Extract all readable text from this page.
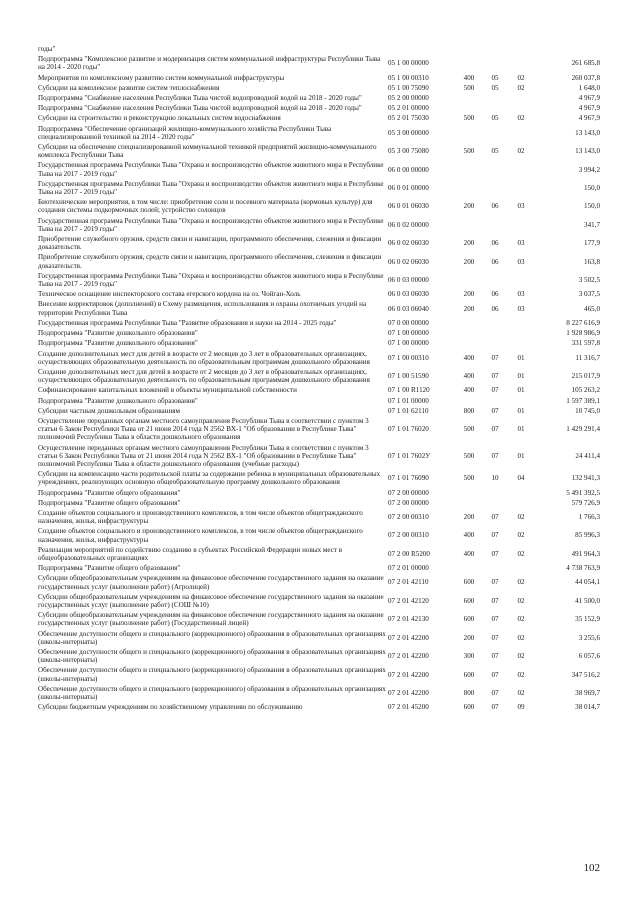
годы"					
Подпрограмма "Комплексное развитие и модернизация систем коммунальной инфраструктуры Республики Тыва на 2014 - 2020 годы"	05 1 00 00000				261 685,8
Мероприятия по комплексному развитию систем коммунальной инфраструктуры	05 1 00 00310	400	05	02	260 037,8
Субсидии на комплексное развитие систем теплоснабжения	05 1 00 75090	500	05	02	1 648,0
Подпрограмма "Снабжение населения Республики Тыва чистой водопроводной водой на 2018 - 2020 годы"	05 2 00 00000				4 967,9
Подпрограмма "Снабжение населения Республики Тыва чистой водопроводной водой на 2018 - 2020 годы"	05 2 01 00000				4 967,9
Субсидии на строительство и реконструкцию локальных систем водоснабжения	05 2 01 75030	500	05	02	4 967,9
Подпрограмма "Обеспечение организаций жилищно-коммунального хозяйства Республики Тыва специализированной техникой на 2014 - 2020 годы"	05 3 00 00000				13 143,0
Субсидии на обеспечение специализированной коммунальной техникой предприятий жилищно-коммунального комплекса Республики Тыва	05 3 00 75080	500	05	02	13 143,0
Государственная программа Республики Тыва "Охрана и воспроизводство объектов животного мира в Республике Тыва на 2017 - 2019 годы"	06 0 00 00000				3 994,2
Государственная программа Республики Тыва "Охрана и воспроизводство объектов животного мира в Республике Тыва на 2017 - 2019 годы"	06 0 01 00000				150,0
Биотехнические мероприятия, в том числе: приобретение соли и посевного материала (кормовых культур) для создания системы подкормочных полей; устройство солонцов	06 0 01 06030	200	06	03	150,0
Государственная программа Республики Тыва "Охрана и воспроизводство объектов животного мира в Республике Тыва на 2017 - 2019 годы"	06 0 02 00000				341,7
Приобретение служебного оружия, средств связи и навигации, программного обеспечения, слежения и фиксации доказательств.	06 0 02 06030	200	06	03	177,9
Приобретение служебного оружия, средств связи и навигации, программного обеспечения, слежения и фиксации доказательств.	06 0 02 06030	200	06	03	163,8
Государственная программа Республики Тыва "Охрана и воспроизводство объектов животного мира в Республике Тыва на 2017 - 2019 годы"	06 0 03 00000				3 502,5
Техническое оснащение инспекторского состава егерского кордона на оз. Чойган-Холь	06 0 03 06030	200	06	03	3 037,5
Внесение корректировок (дополнений) в Схему размещения, использования и охраны охотничьих угодий на территории Республики Тыва	06 0 03 06040	200	06	03	465,0
Государственная программа Республики Тыва "Развитие образования и науки на 2014 - 2025 годы"	07 0 00 00000				8 227 616,9
Подпрограмма "Развитие дошкольного образования"	07 1 00 00000				1 928 986,9
Подпрограмма "Развитие дошкольного образования"	07 1 00 00000				331 597,8
Создание дополнительных мест для детей в возрасте от 2 месяцев до 3 лет в образовательных организациях, осуществляющих образовательную деятельность по образовательным программам дошкольного образования	07 1 00 00310	400	07	01	11 316,7
Создание дополнительных мест для детей в возрасте от 2 месяцев до 3 лет в образовательных организациях, осуществляющих образовательную деятельность по образовательным программам дошкольного образования	07 1 00 51590	400	07	01	215 017,9
Софинансирование капитальных вложений в объекты муниципальной собственности	07 1 00 R1120	400	07	01	105 263,2
Подпрограмма "Развитие дошкольного образования"	07 1 01 00000				1 597 389,1
Субсидии частным дошкольным образованиям	07 1 01 62110	800	07	01	10 745,0
Осуществление переданных органам местного самоуправления Республики Тыва в соответствии с пунктом 3 статьи 6 Закон Республики Тыва от 21 июня 2014 года N 2562 ВХ-1 "Об образовании в Республике Тыва" полномочий Республики Тыва в области дошкольного образования	07 1 01 76020	500	07	01	1 429 291,4
Осуществление переданных органам местного самоуправления Республики Тыва в соответствии с пунктом 3 статьи 6 Закон Республики Тыва от 21 июня 2014 года N 2562 ВХ-1 "Об образовании в Республике Тыва" полномочий Республики Тыва в области дошкольного образования (учебные расходы)	07 1 01 7602У	500	07	01	24 411,4
Субсидии на компенсацию части родительской платы за содержание ребенка в муниципальных образовательных учреждениях, реализующих основную общеобразовательную программу дошкольного образования	07 1 01 76090	500	10	04	132 941,3
Подпрограмма "Развитие общего образования"	07 2 00 00000				5 491 392,5
Подпрограмма "Развитие общего образования"	07 2 00 00000				579 726,9
Создание объектов социального и производственного комплексов, в том числе объектов общегражданского назначения, жилья, инфраструктуры	07 2 00 00310	200	07	02	1 766,3
Создание объектов социального и производственного комплексов, в том числе объектов общегражданского назначения, жилья, инфраструктуры	07 2 00 00310	400	07	02	85 996,3
Реализация мероприятий по содействию созданию в субъектах Российской Федерации новых мест в общеобразовательных организациях	07 2 00 R5200	400	07	02	491 964,3
Подпрограмма "Развитие общего образования"	07 2 01 00000				4 738 763,9
Субсидии общеобразовательным учреждениям на финансовое обеспечение государственного задания на оказание государственных услуг (выполнение работ) (Агролицей)	07 2 01 42110	600	07	02	44 054,1
Субсидии общеобразовательным учреждениям на финансовое обеспечение государственного задания на оказание государственных услуг (выполнение работ) (СОШ №10)	07 2 01 42120	600	07	02	41 500,0
Субсидии общеобразовательным учреждениям на финансовое обеспечение государственного задания на оказание государственных услуг (выполнение работ) (Государственный лицей)	07 2 01 42130	600	07	02	35 152,9
Обеспечение доступности общего и специального (коррекционного) образования в образовательных организациях (школы-интернаты)	07 2 01 42200	200	07	02	3 255,6
Обеспечение доступности общего и специального (коррекционного) образования в образовательных организациях (школы-интернаты)	07 2 01 42200	300	07	02	6 057,6
Обеспечение доступности общего и специального (коррекционного) образования в образовательных организациях (школы-интернаты)	07 2 01 42200	600	07	02	347 516,2
Обеспечение доступности общего и специального (коррекционного) образования в образовательных организациях (школы-интернаты)	07 2 01 42200	800	07	02	38 969,7
Субсидии бюджетным учреждениям по хозяйственному управлению по обслуживанию	07 2 01 45200	600	07	09	38 014,7
102
